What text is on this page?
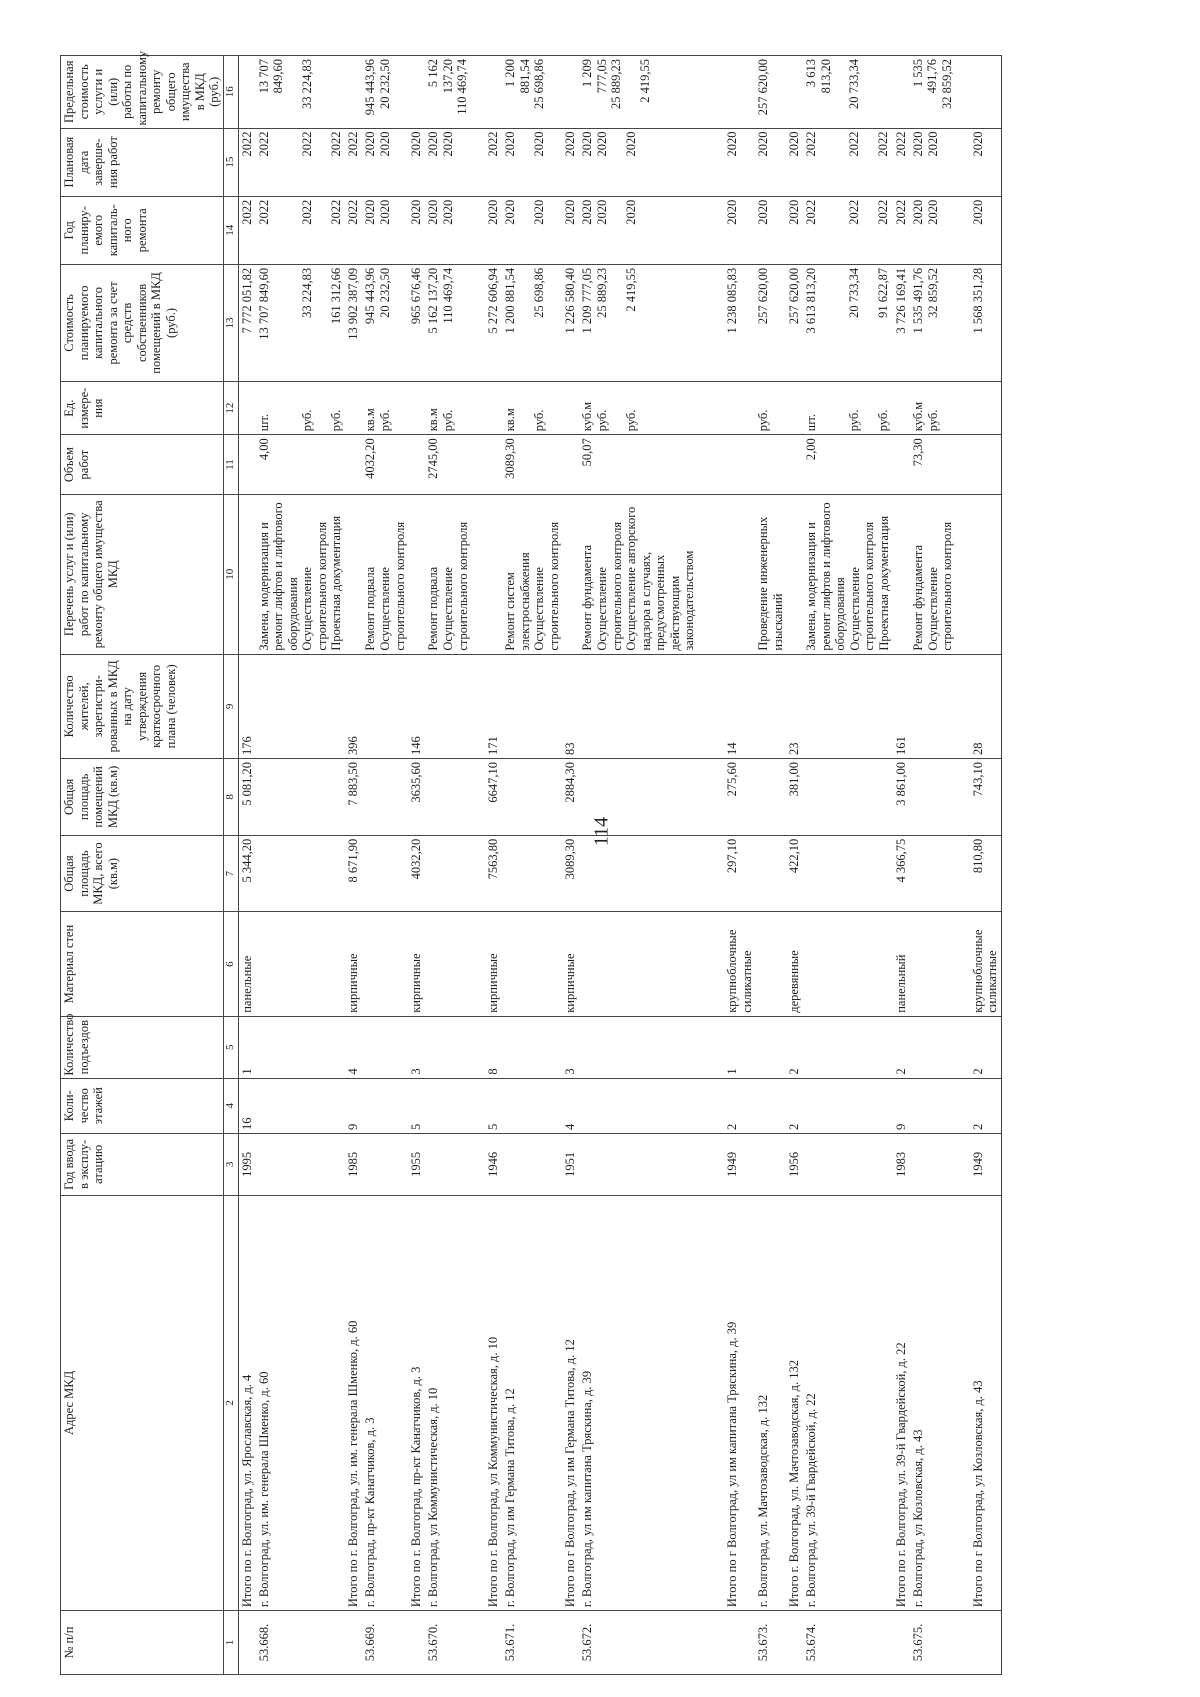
114
№ п/п	Адрес МКД	Год ввода в эксплу-атацию	Коли-чество этажей	Количество подъездов	Материал стен	Общая площадь МКД, всего (кв.м)	Общая площадь помещений МКД (кв.м)	Количество жителей, зарегистри-рованных в МКД на дату утверждения краткосрочного плана (человек)	Перечень услуг и (или) работ по капитальному ремонту общего имущества МКД	Объем работ	Ед. измере-ния	Стоимость планируемого капитального ремонта за счет средств собственников помещений в МКД (руб.)	Год планиру-емого капиталь-ного ремонта	Плановая дата заверше-ния работ	Предельная стоимость услуги и (или) работы по капитальному ремонту общего имущества в МКД (руб.)
1	2	3	4	5	6	7	8	9	10	11	12	13	14	15	16
	Итого по г. Волгоград, ул. Ярославская, д. 4	1995	16	1	панельные	5 344,20	5 081,20	176				7 772 051,82	2022	2022	

53.668.	г. Волгоград, ул. им. генерала Шменко, д. 60								Замена, модернизация и ремонт лифтов и лифтового оборудования Осуществление строительного контроля Проектная документация	4,00	шт. руб. руб.	13 707 849,60 33 224,83 161 312,66	2022 2022 2022	2022 2022 2022	13 707 849,60 33 224,83

	Итого по г. Волгоград, ул. им. генерала Шменко, д. 60	1985	9	4	кирпичные	8 671,90	7 883,50	396				13 902 387,09	2022	2022	

53.669.	г. Волгоград, пр-кт Канатчиков, д. 3								Ремонт подвала Осуществление строительного контроля	4032,20	кв.м руб.	945 443,96 20 232,50	2020 2020	2020 2020	945 443,96 20 232,50

	Итого по г. Волгоград, пр-кт Канатчиков, д. 3	1955	5	3	кирпичные	4032,20	3635,60	146				965 676,46	2020	2020	

53.670.	г. Волгоград, ул Коммунистическая, д. 10								Ремонт подвала Осуществление строительного контроля	2745,00	кв.м руб.	5 162 137,20 110 469,74	2020 2020	2020 2020	5 162 137,20 110 469,74

	Итого по г. Волгоград, ул Коммунистическая, д. 10	1946	5	8	кирпичные	7563,80	6647,10	171				5 272 606,94	2020	2022	

53.671.	г. Волгоград, ул им Германа Титова, д. 12								Ремонт систем электроснабжения Осуществление строительного контроля	3089,30	кв.м руб.	1 200 881,54 25 698,86	2020 2020	2020 2020	1 200 881,54 25 698,86

	Итого по г Волгоград, ул им Германа Титова, д. 12	1951	4	3	кирпичные	3089,30	2884,30	83				1 226 580,40	2020	2020	

53.672.	г. Волгоград, ул им капитана Тряскина, д. 39								Ремонт фундамента Осуществление строительного контроля Осуществление авторского надзора в случаях, предусмотренных действующим законодательством	50,07	куб.м руб. руб.	1 209 777,05 25 889,23 2 419,55	2020 2020 2020	2020 2020 2020	1 209 777,05 25 889,23 2 419,55

	Итого по г Волгоград, ул им капитана Тряскина, д. 39	1949	2	1	крупноблочные силикатные	297,10	275,60	14				1 238 085,83	2020	2020	

53.673.	г. Волгоград, ул. Мачтозаводская, д. 132								Проведение инженерных изысканий		руб.	257 620,00	2020	2020	257 620,00

	Итого г. Волгоград, ул. Мачтозаводская, д. 132	1956	2	2	деревянные	422,10	381,00	23				257 620,00	2020	2020	

53.674.	г. Волгоград, ул. 39-й Гвардейской, д. 22								Замена, модернизация и ремонт лифтов и лифтового оборудования Осуществление строительного контроля Проектная документация	2,00	шт. руб. руб.	3 613 813,20 20 733,34 91 622,87	2022 2022 2022	2022 2022 2022	3 613 813,20 20 733,34

	Итого по г. Волгоград, ул. 39-й Гвардейской, д. 22	1983	9	2	панельный	4 366,75	3 861,00	161				3 726 169,41	2022	2022	

53.675.	г. Волгоград, ул Козловская, д. 43								Ремонт фундамента Осуществление строительного контроля	73,30	куб.м руб.	1 535 491,76 32 859,52	2020 2020	2020 2020	1 535 491,76 32 859,52

	Итого по г Волгоград, ул Козловская, д. 43	1949	2	2	крупноблочные силикатные	810,80	743,10	28				1 568 351,28	2020	2020	
